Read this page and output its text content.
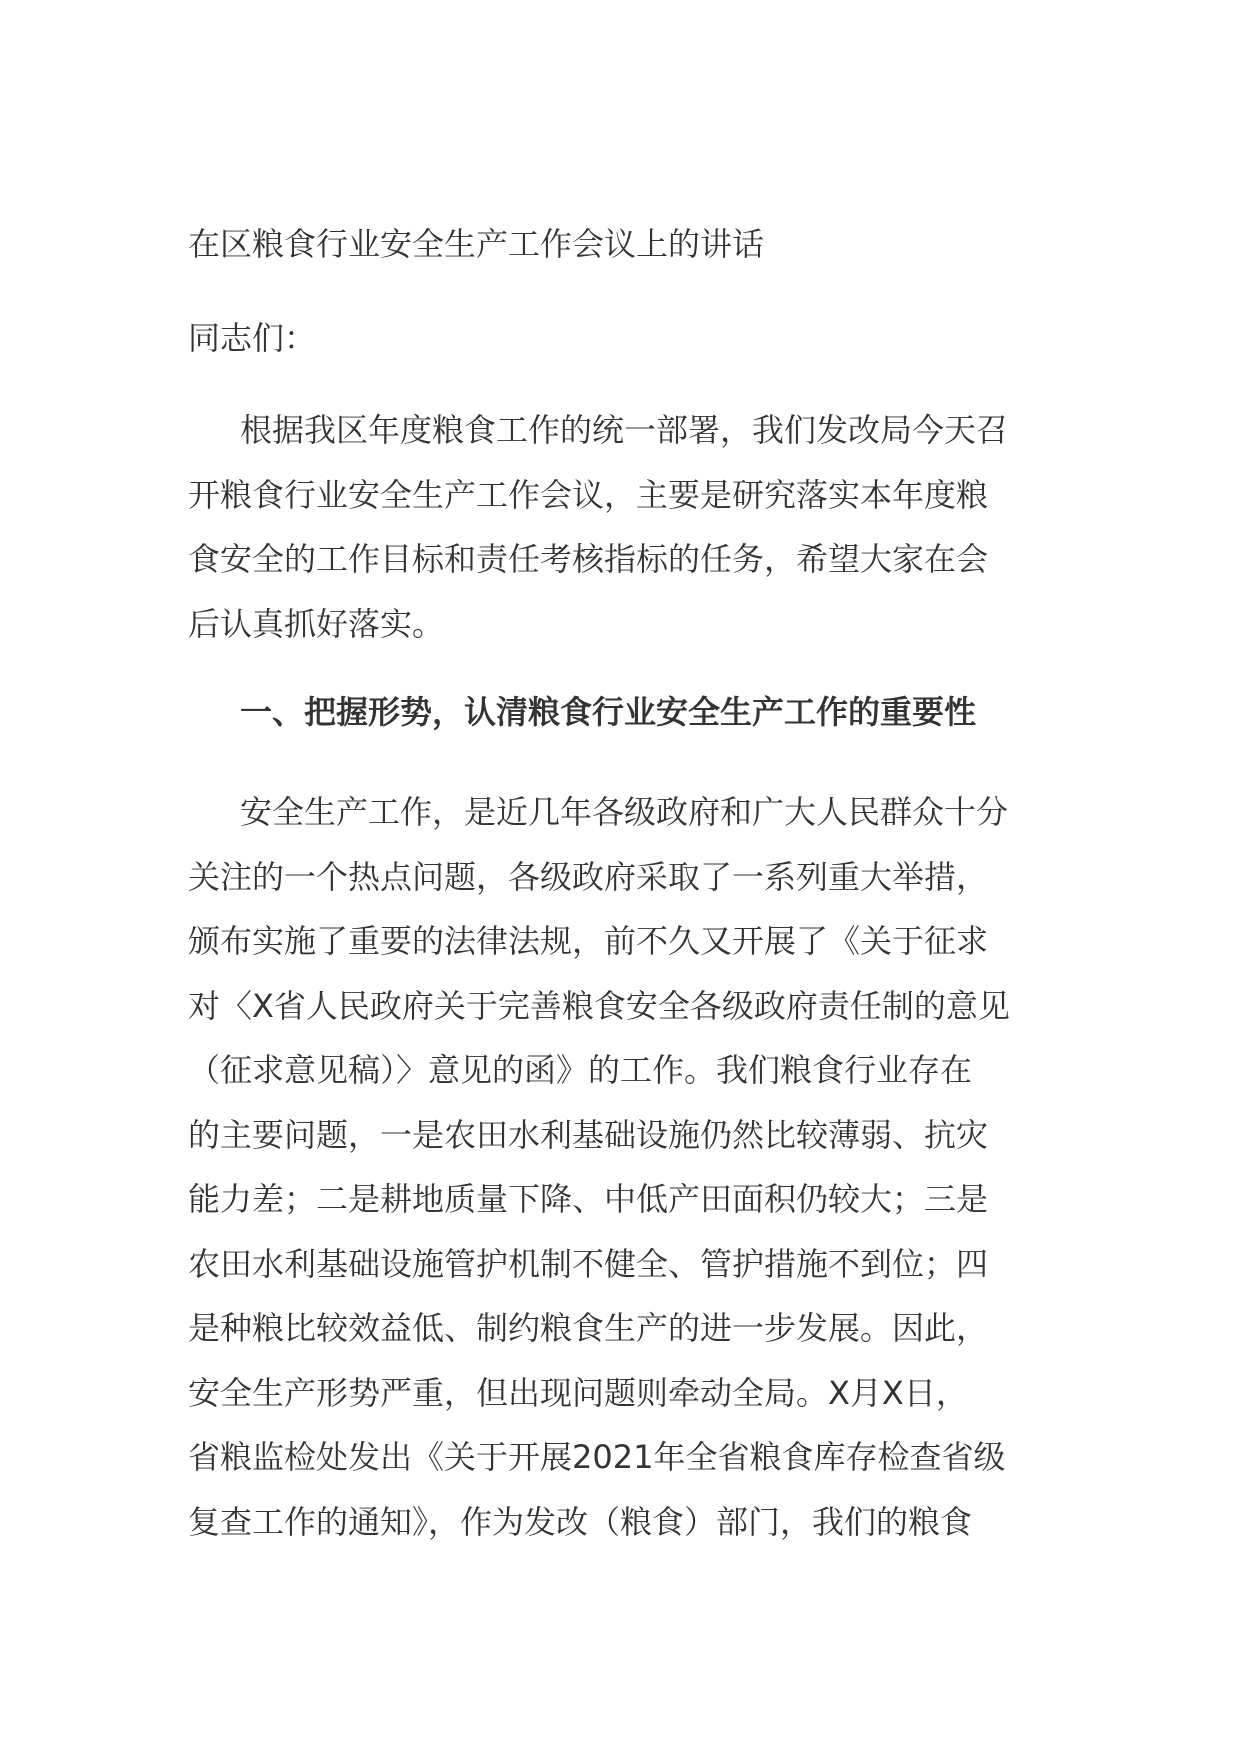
在区粮食行业安全生产工作会议上的讲话
同志们：
根据我区年度粮食工作的统一部署，我们发改局今天召
开粮食行业安全生产工作会议，主要是研究落实本年度粮
食安全的工作目标和责任考核指标的任务，希望大家在会
后认真抓好落实。
一、把握形势，认清粮食行业安全生产工作的重要性
安全生产工作，是近几年各级政府和广大人民群众十分
关注的一个热点问题，各级政府采取了一系列重大举措，
颁布实施了重要的法律法规，前不久又开展了《关于征求
对〈X省人民政府关于完善粮食安全各级政府责任制的意见
（征求意见稿）〉意见的函》的工作。我们粮食行业存在
的主要问题，一是农田水利基础设施仍然比较薄弱、抗灾
能力差；二是耕地质量下降、中低产田面积仍较大；三是
农田水利基础设施管护机制不健全、管护措施不到位；四
是种粮比较效益低、制约粮食生产的进一步发展。因此，
安全生产形势严重，但出现问题则牵动全局。X月X日，
省粮监检处发出《关于开展2021年全省粮食库存检查省级
复查工作的通知》，作为发改（粮食）部门，我们的粮食
